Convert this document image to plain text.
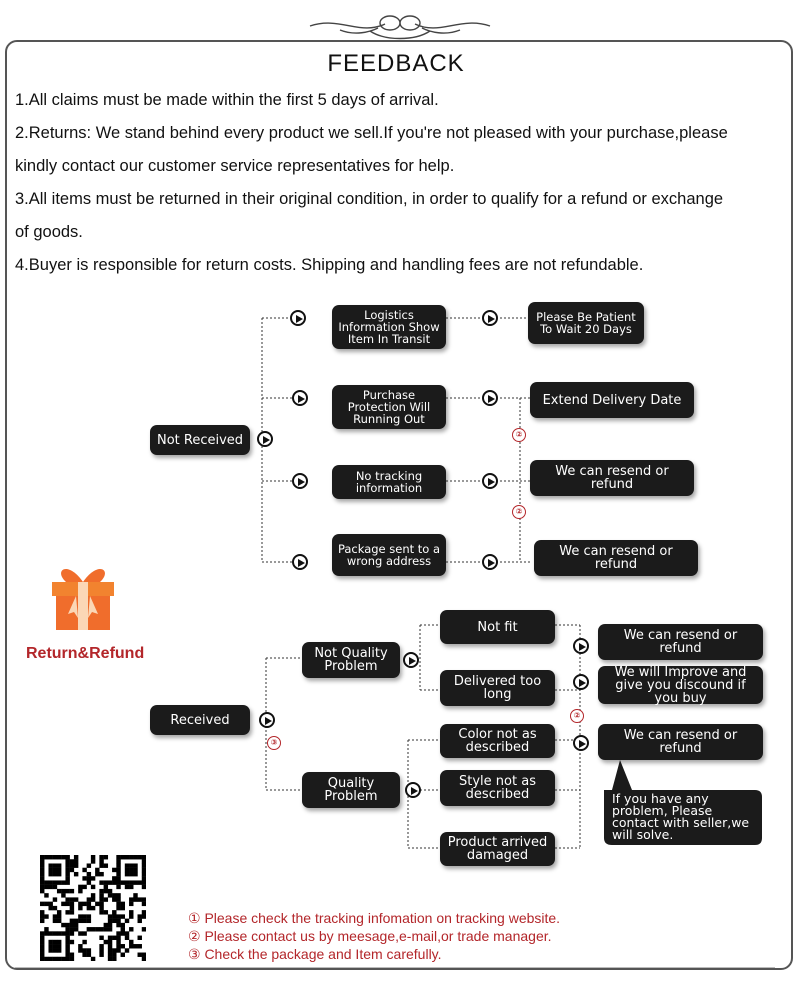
FEEDBACK
1.All claims must be made within the first 5 days of arrival.
2.Returns: We stand behind every product we sell.If you're not pleased with your purchase,please
kindly contact our customer service representatives for help.
3.All items must be returned in their original condition, in order to qualify for a refund or exchange
of goods.
4.Buyer is responsible for return costs. Shipping and handling fees are not refundable.
Not Received
Logistics Information Show Item In Transit
Please Be Patient To Wait 20 Days
Purchase Protection Will Running Out
Extend Delivery Date
No tracking information
We can resend or refund
Package sent to a wrong address
We can resend or refund
②
②
Return&Refund
Received
③
Not Quality Problem
Quality Problem
Not fit
Delivered too long
Color not as described
Style not as described
Product arrived damaged
②
We can resend or refund
We will Improve and give you discound if you buy
We can resend or refund
If you have any problem, Please contact with seller,we will solve.
① Please check the tracking infomation on tracking website.
② Please contact us by meesage,e-mail,or trade manager.
③ Check the package and Item carefully.
